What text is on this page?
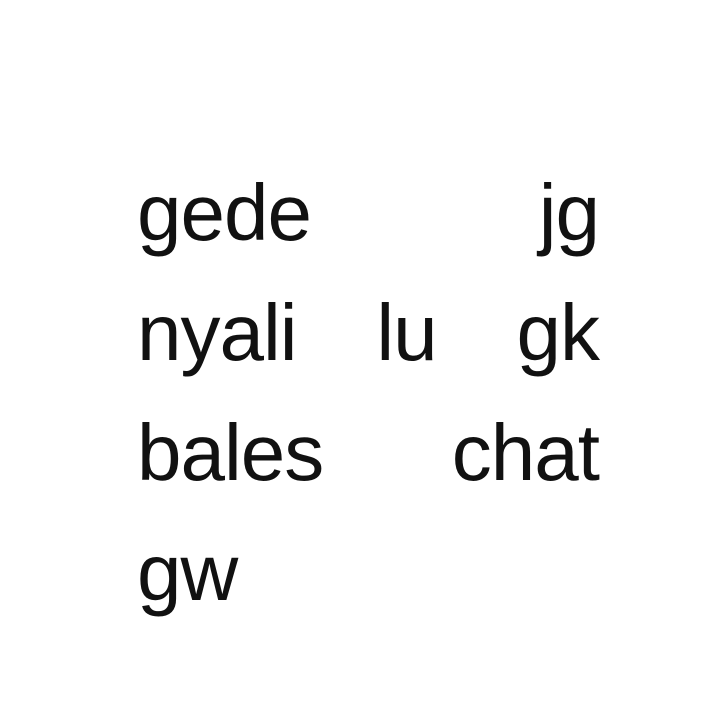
gede	jg
nyali lu gk
bales chat
gw
